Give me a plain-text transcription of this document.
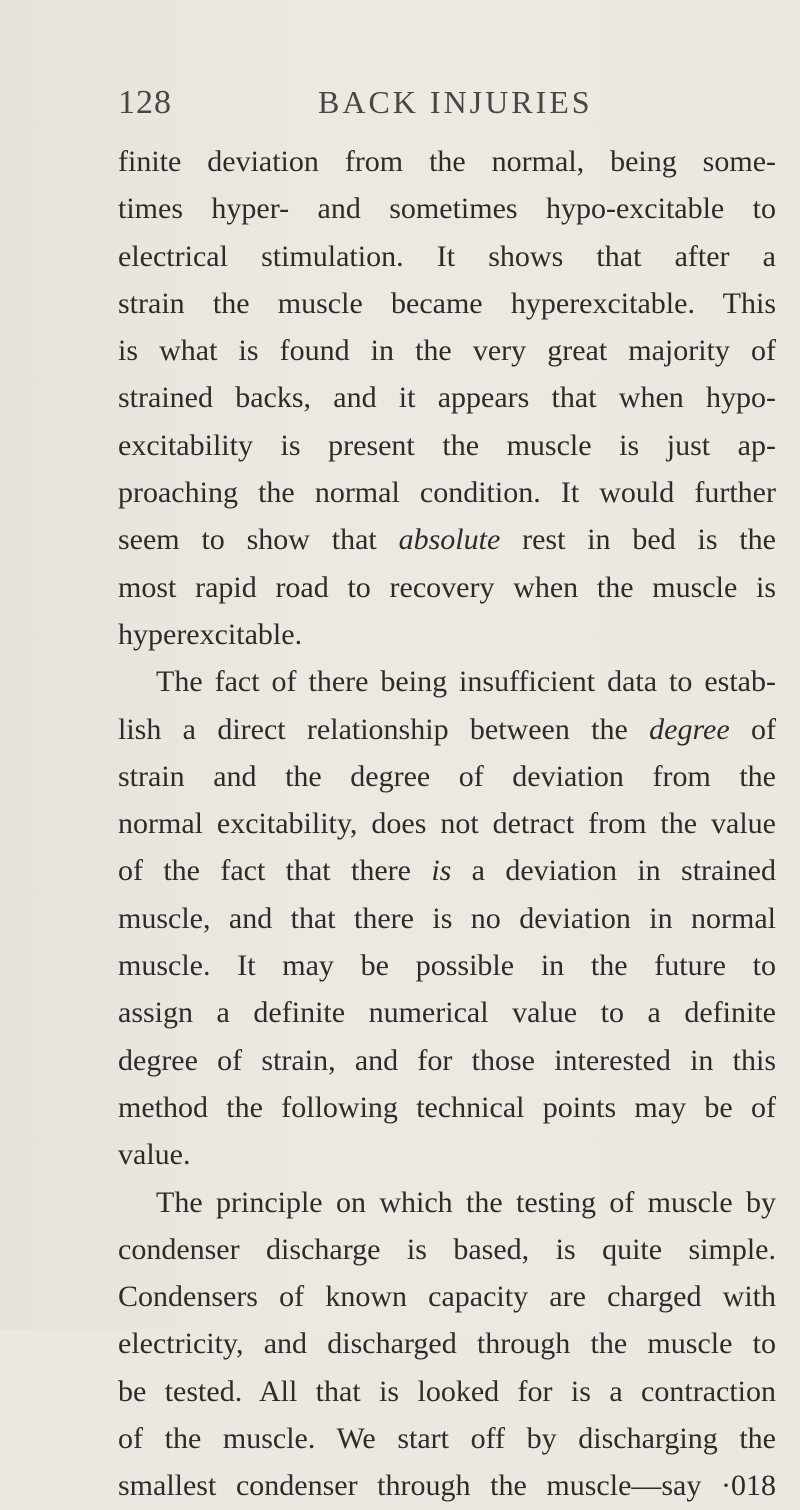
128	BACK INJURIES
finite deviation from the normal, being some-
times hyper- and sometimes hypo-excitable to
electrical stimulation. It shows that after a
strain the muscle became hyperexcitable. This
is what is found in the very great majority of
strained backs, and it appears that when hypo-
excitability is present the muscle is just ap-
proaching the normal condition. It would further
seem to show that absolute rest in bed is the
most rapid road to recovery when the muscle is
hyperexcitable.
The fact of there being insufficient data to estab-
lish a direct relationship between the degree of
strain and the degree of deviation from the
normal excitability, does not detract from the value
of the fact that there is a deviation in strained
muscle, and that there is no deviation in normal
muscle. It may be possible in the future to
assign a definite numerical value to a definite
degree of strain, and for those interested in this
method the following technical points may be of
value.
The principle on which the testing of muscle by
condenser discharge is based, is quite simple.
Condensers of known capacity are charged with
electricity, and discharged through the muscle to
be tested. All that is looked for is a contraction
of the muscle. We start off by discharging the
smallest condenser through the muscle—say ·018
